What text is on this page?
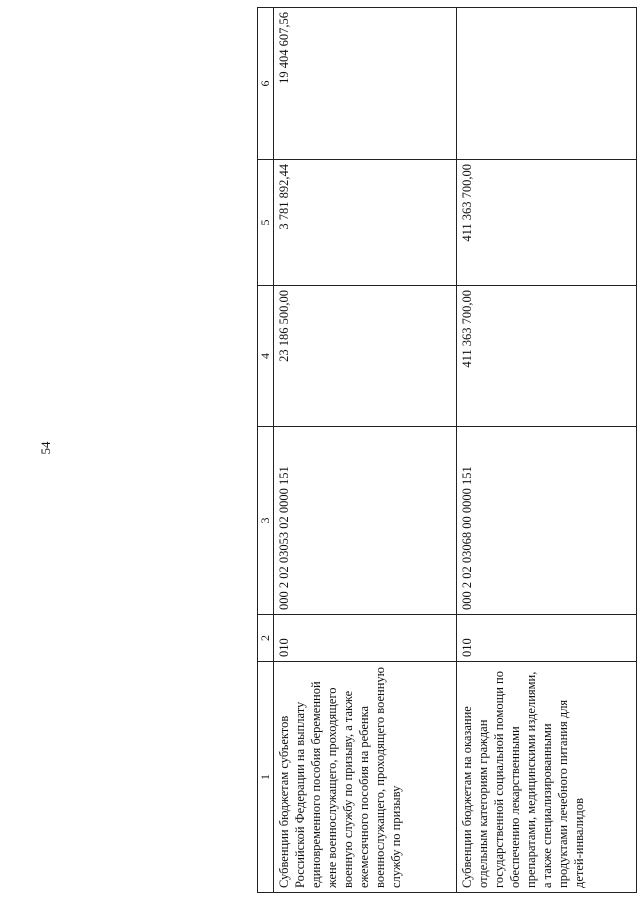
54
1	2	3	4	5	6
Субвенции бюджетам субъектов Российской Федерации на выплату единовременного пособия беременной жене военнослужащего, проходящего военную службу по призыву, а также ежемесячного пособия на ребенка военнослужащего, проходящего военную службу по призыву	010	000 2 02 03053 02 0000 151	23 186 500,00	3 781 892,44	19 404 607,56
Субвенции бюджетам на оказание отдельным категориям граждан государственной социальной помощи по обеспечению лекарственными препаратами, медицинскими изделиями, а также специализированными продуктами лечебного питания для детей-инвалидов	010	000 2 02 03068 00 0000 151	411 363 700,00	411 363 700,00	
